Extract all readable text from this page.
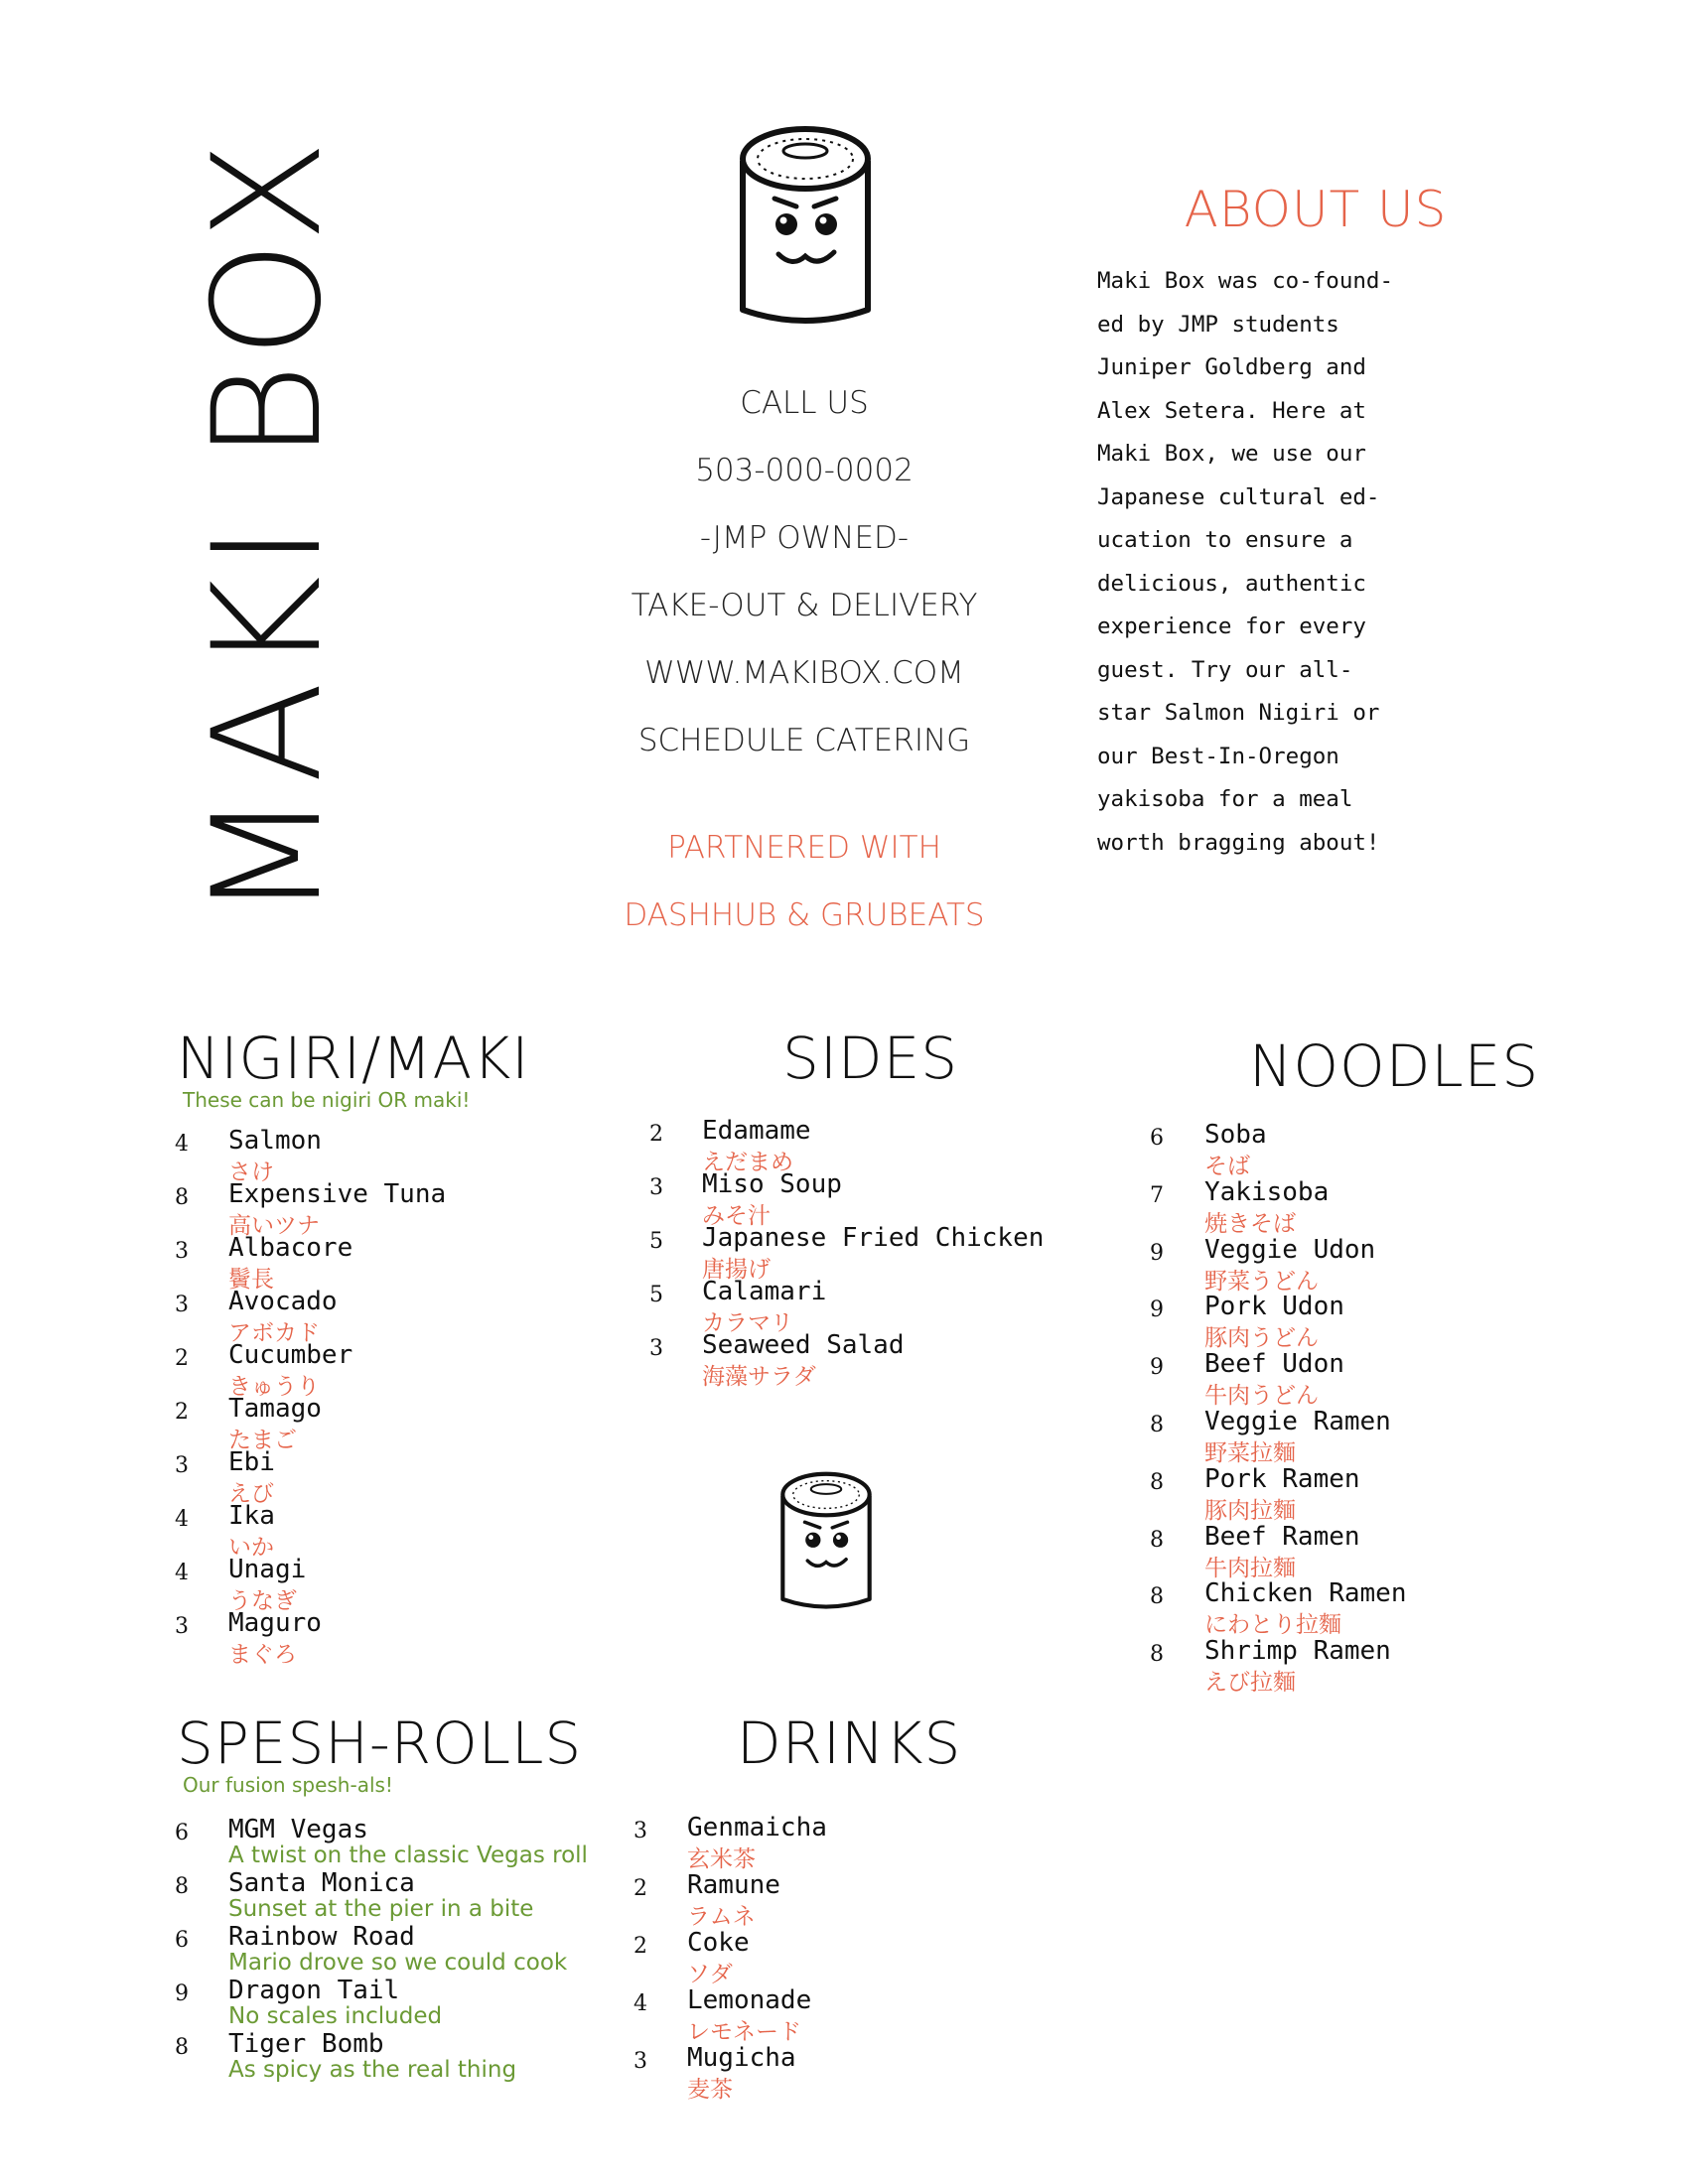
MAKI BOX	CALL US
503-000-0002
-JMP OWNED-
TAKE-OUT & DELIVERY
WWW.MAKIBOX.COM
SCHEDULE CATERING
PARTNERED WITH
DASHHUB & GRUBEATS
ABOUT US
Maki Box was co-found-
ed by JMP students
Juniper Goldberg and
Alex Setera. Here at
Maki Box, we use our
Japanese cultural ed-
ucation to ensure a
delicious, authentic
experience for every
guest. Try our all-
star Salmon Nigiri or
our Best-In-Oregon
yakisoba for a meal
worth bragging about!
NIGIRI/MAKI
These can be nigiri OR maki!
4	Salmon
さけ
8	Expensive Tuna
高いツナ
3	Albacore
鬢長
3	Avocado
アボカド
2	Cucumber
きゅうり
2	Tamago
たまご
3	Ebi
えび
4	Ika
いか
4	Unagi
うなぎ
3	Maguro
まぐろ
SIDES
2	Edamame
えだまめ
3	Miso Soup
みそ汁
5	Japanese Fried Chicken
唐揚げ
5	Calamari
カラマリ
3	Seaweed Salad
海藻サラダ
NOODLES
6	Soba
そば
7	Yakisoba
焼きそば
9	Veggie Udon
野菜うどん
9	Pork Udon
豚肉うどん
9	Beef Udon
牛肉うどん
8	Veggie Ramen
野菜拉麵
8	Pork Ramen
豚肉拉麵
8	Beef Ramen
牛肉拉麵
8	Chicken Ramen
にわとり拉麵
8	Shrimp Ramen
えび拉麵
SPESH-ROLLS
Our fusion spesh-als!
6	MGM Vegas
A twist on the classic Vegas roll
8	Santa Monica
Sunset at the pier in a bite
6	Rainbow Road
Mario drove so we could cook
9	Dragon Tail
No scales included
8	Tiger Bomb
As spicy as the real thing
DRINKS
3	Genmaicha
玄米茶
2	Ramune
ラムネ
2	Coke
ソダ
4	Lemonade
レモネード
3	Mugicha
麦茶
